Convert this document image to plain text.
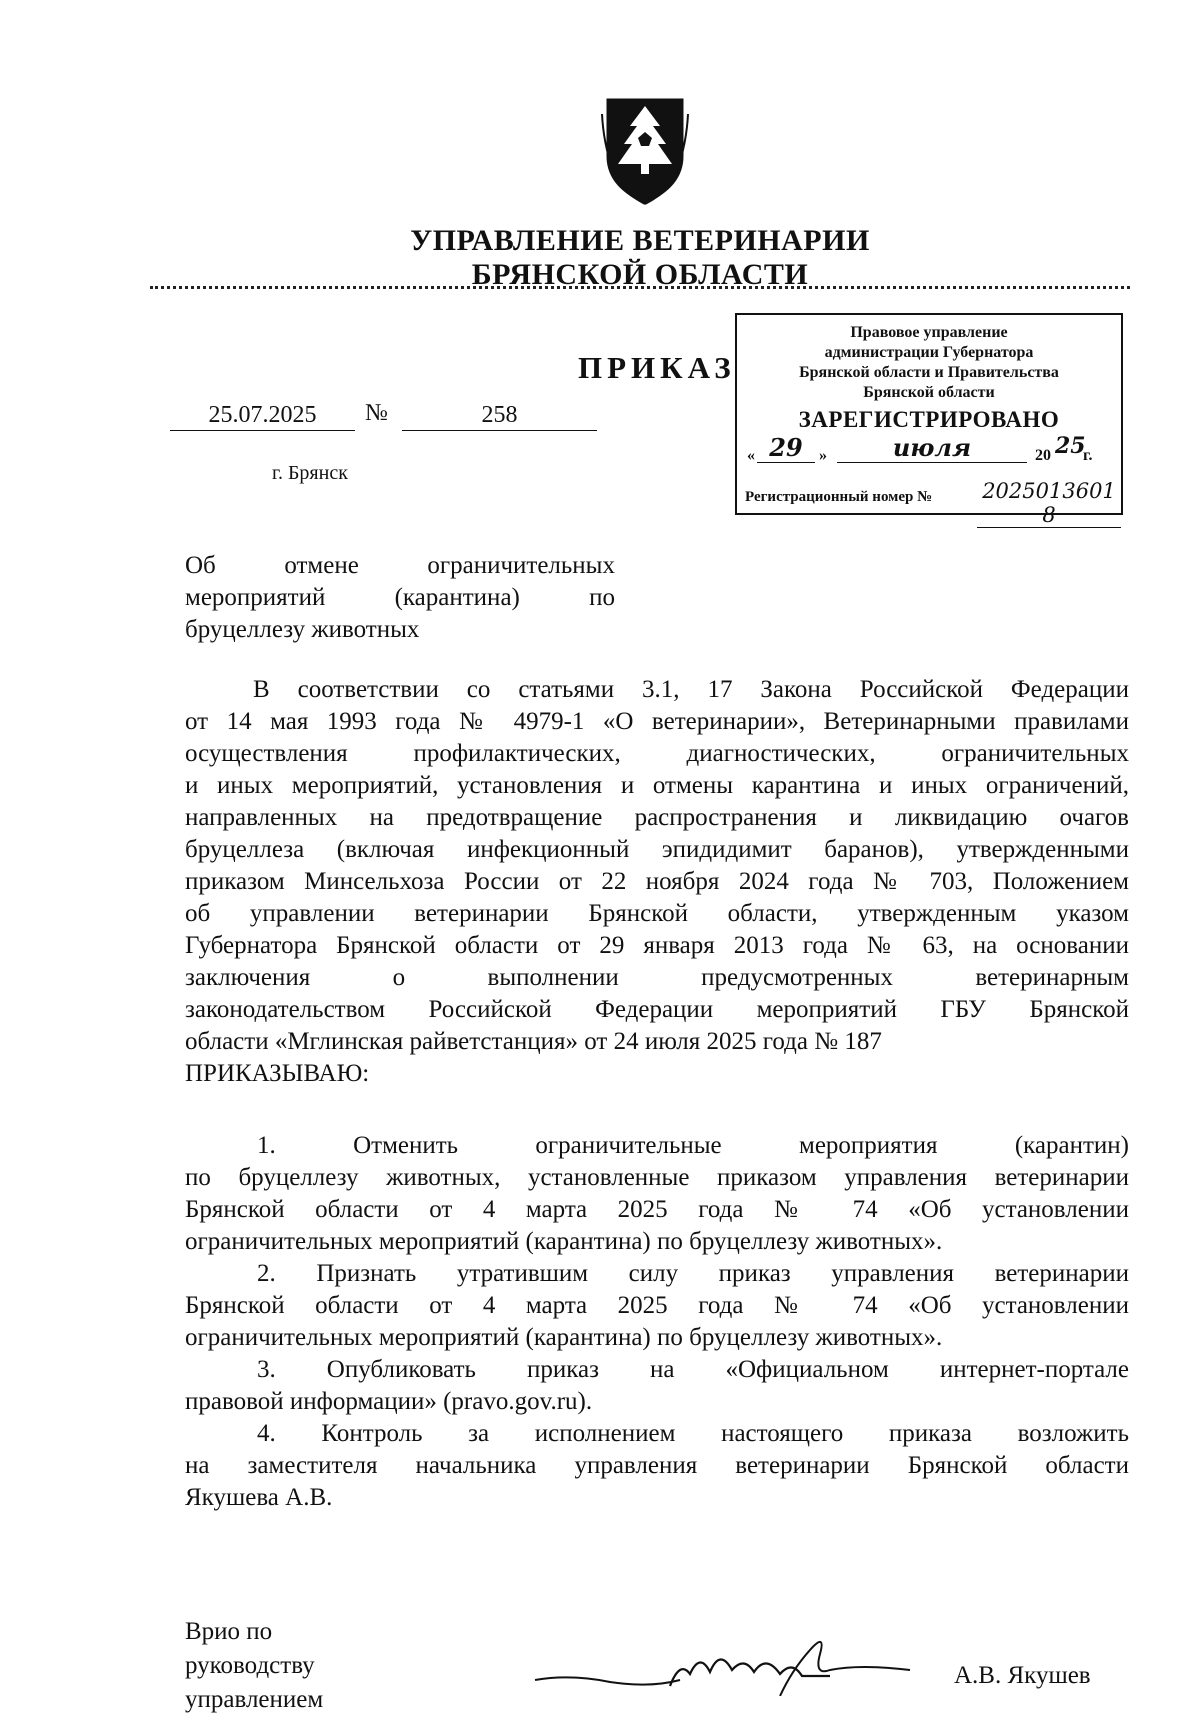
УПРАВЛЕНИЕ ВЕТЕРИНАРИИ
БРЯНСКОЙ ОБЛАСТИ
ПРИКАЗ
25.07.2025	№	258
г. Брянск
Правовое управление
администрации Губернатора
Брянской области и Правительства
Брянской области
ЗАРЕГИСТРИРОВАНО
« 29	»	июля	20 25
г.
Регистрационный номер № 2025013601 8
Об	отмене	ограничительных
мероприятий	(карантина)	по
бруцеллезу животных
В соответствии со статьями 3.1, 17 Закона Российской Федерации
от 14 мая 1993 года № 4979-1 «О ветеринарии», Ветеринарными правилами
осуществления профилактических, диагностических, ограничительных
и иных мероприятий, установления и отмены карантина и иных ограничений,
направленных на предотвращение распространения и ликвидацию очагов
бруцеллеза (включая инфекционный эпидидимит баранов), утвержденными
приказом Минсельхоза России от 22 ноября 2024 года № 703, Положением
об управлении ветеринарии Брянской области, утвержденным указом
Губернатора Брянской области от 29 января 2013 года № 63, на основании
заключения о выполнении предусмотренных ветеринарным
законодательством Российской Федерации мероприятий ГБУ Брянской
области «Мглинская райветстанция» от 24 июля 2025 года № 187
ПРИКАЗЫВАЮ:
1. Отменить ограничительные мероприятия (карантин)
по бруцеллезу животных, установленные приказом управления ветеринарии
Брянской области от 4 марта 2025 года № 74 «Об установлении
ограничительных мероприятий (карантина) по бруцеллезу животных».
2. Признать утратившим силу приказ управления ветеринарии
Брянской области от 4 марта 2025 года № 74 «Об установлении
ограничительных мероприятий (карантина) по бруцеллезу животных».
3. Опубликовать приказ на «Официальном интернет-портале
правовой информации» (pravo.gov.ru).
4. Контроль за исполнением настоящего приказа возложить
на заместителя начальника управления ветеринарии Брянской области
Якушева А.В.
Врио по
руководству
управлением
А.В. Якушев
